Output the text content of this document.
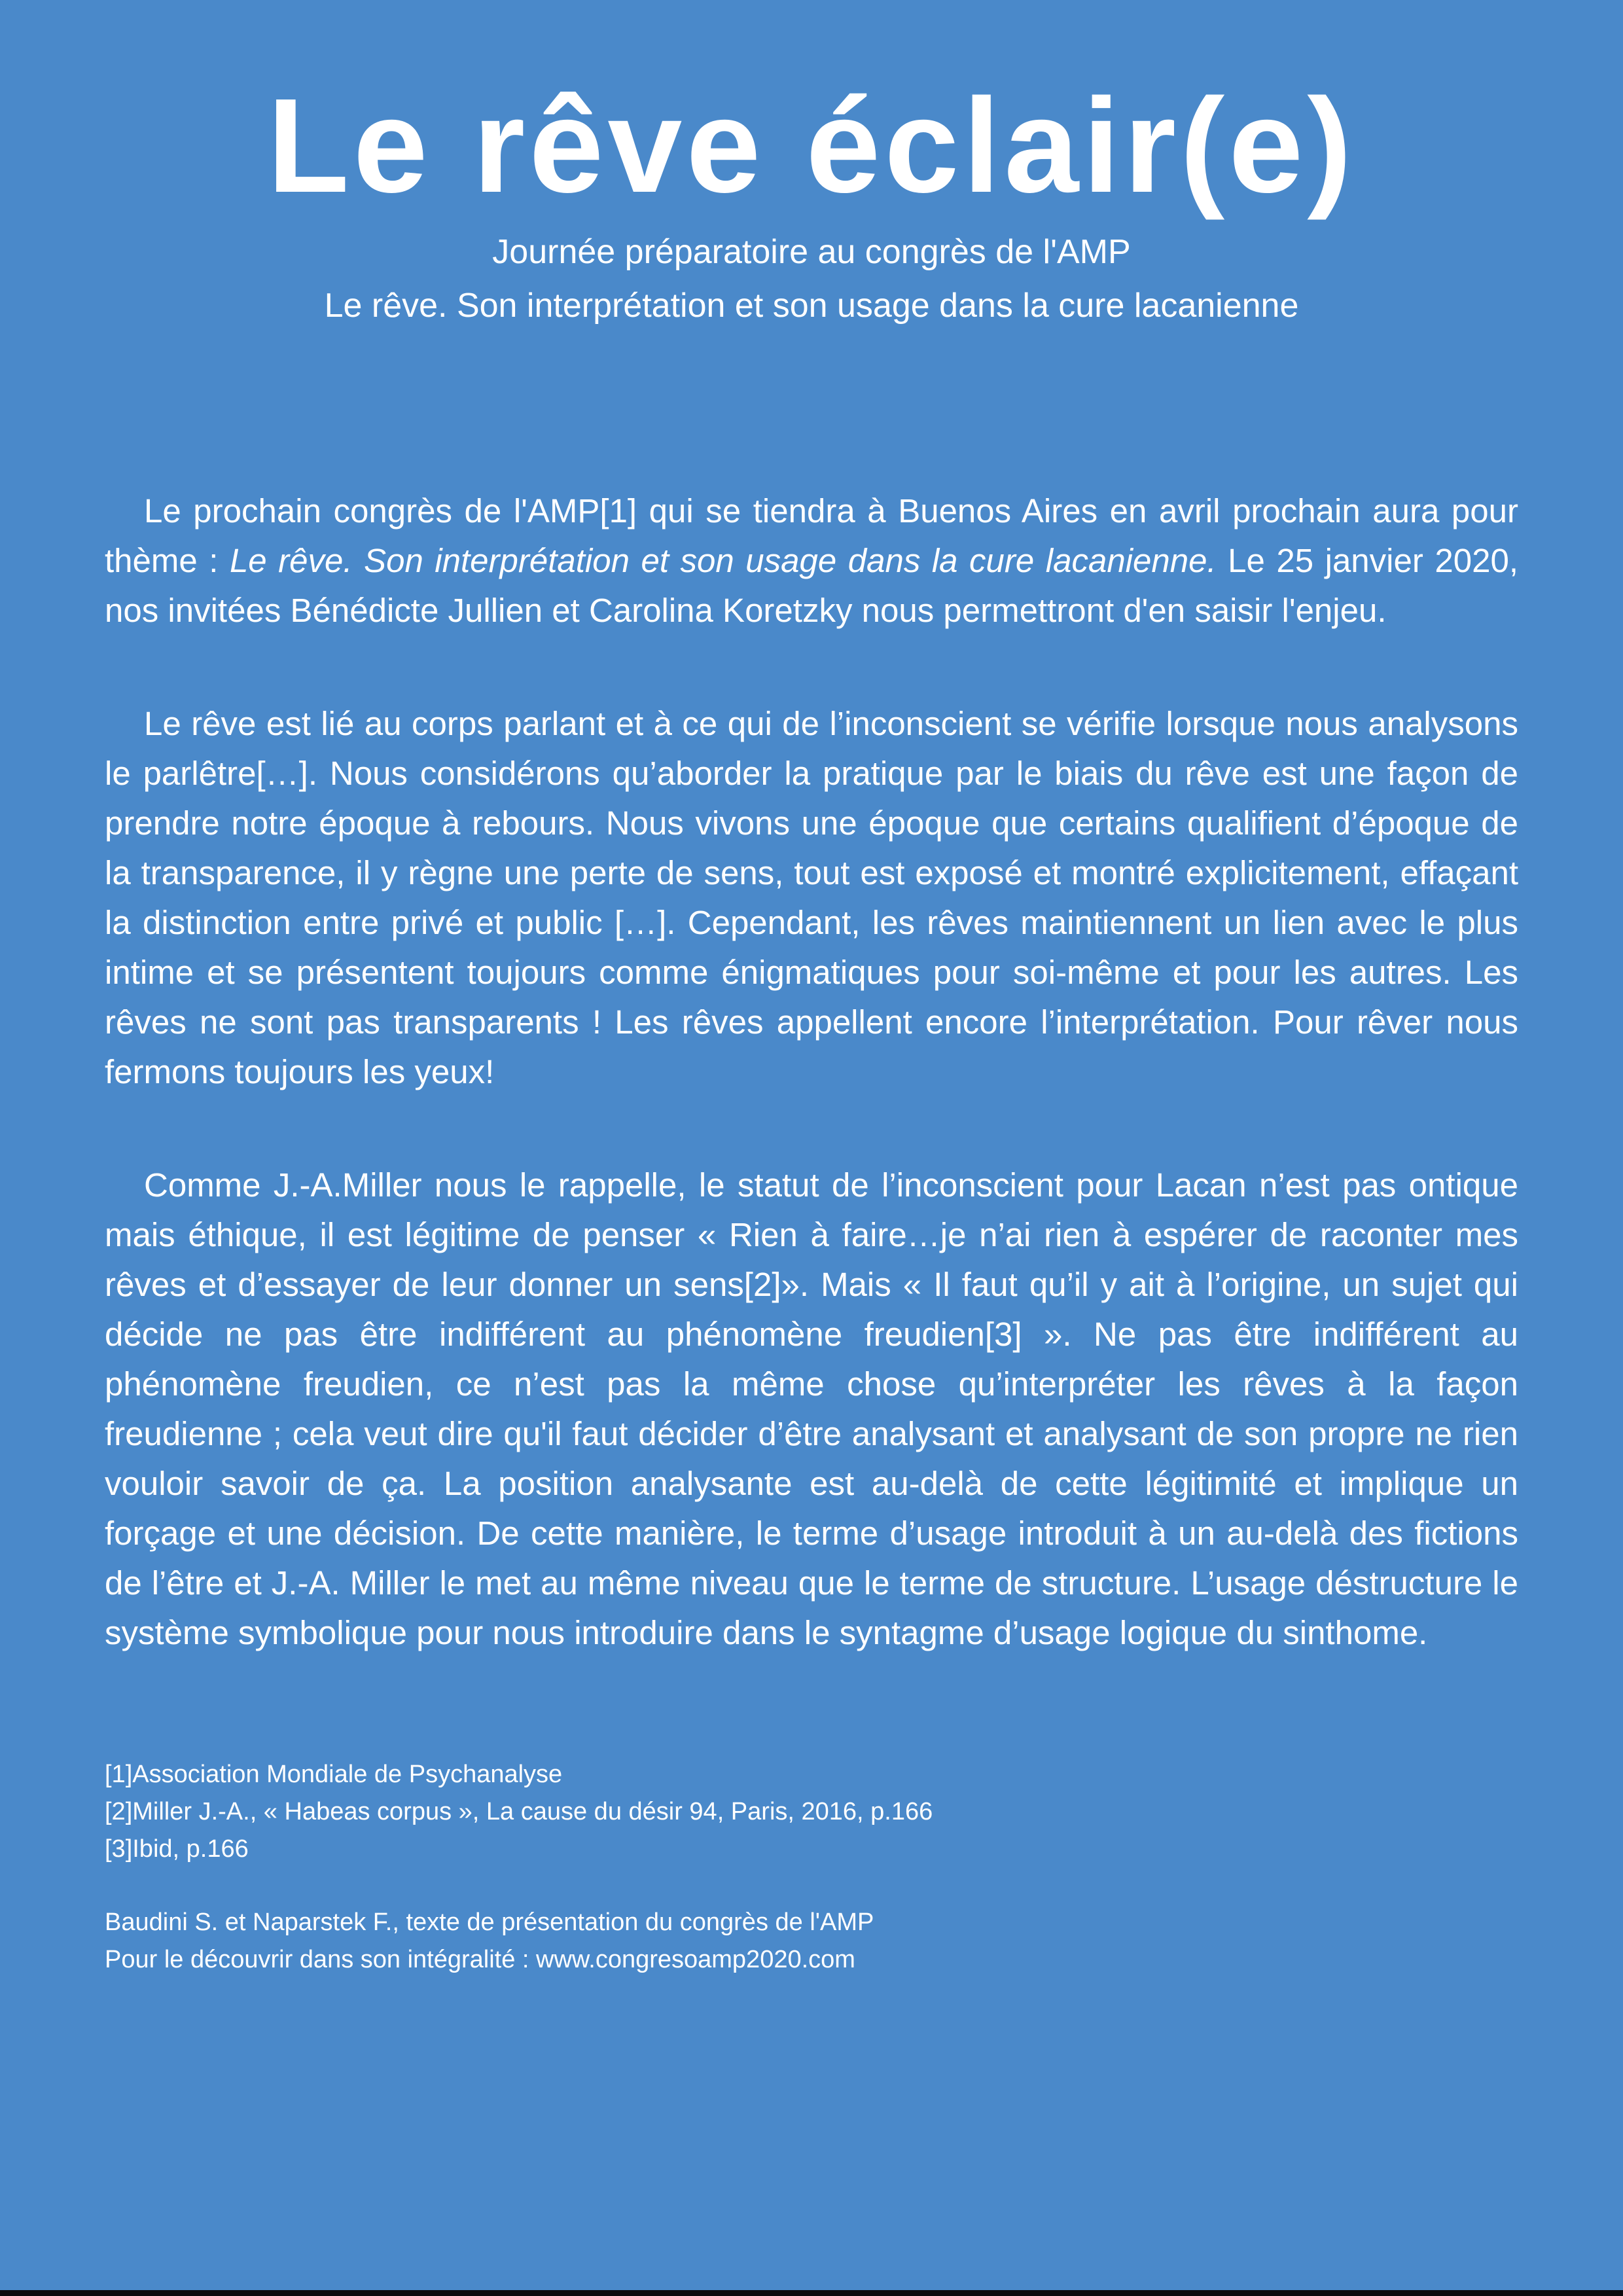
Le rêve éclair(e)

Journée préparatoire au congrès de l'AMP

Le rêve. Son interprétation et son usage dans la cure lacanienne

Le prochain congrès de l'AMP[1] qui se tiendra à Buenos Aires en avril prochain aura pour thème : Le rêve. Son interprétation et son usage dans la cure lacanienne. Le 25 janvier 2020, nos invitées Bénédicte Jullien et Carolina Koretzky nous permettront d'en saisir l'enjeu.

Le rêve est lié au corps parlant et à ce qui de l’inconscient se vérifie lorsque nous analysons le parlêtre[…]. Nous considérons qu’aborder la pratique par le biais du rêve est une façon de prendre notre époque à rebours. Nous vivons une époque que certains qualifient d’époque de la transparence, il y règne une perte de sens, tout est exposé et montré explicitement, effaçant la distinction entre privé et public […]. Cependant, les rêves maintiennent un lien avec le plus intime et se présentent toujours comme énigmatiques pour soi-même et pour les autres. Les rêves ne sont pas transparents ! Les rêves appellent encore l’interprétation. Pour rêver nous fermons toujours les yeux!

Comme J.-A.Miller nous le rappelle, le statut de l’inconscient pour Lacan n’est pas ontique mais éthique, il est légitime de penser « Rien à faire…je n’ai rien à espérer de raconter mes rêves et d’essayer de leur donner un sens[2]». Mais « Il faut qu’il y ait à l’origine, un sujet qui décide ne pas être indifférent au phénomène freudien[3] ». Ne pas être indifférent au phénomène freudien, ce n’est pas la même chose qu’interpréter les rêves à la façon freudienne ; cela veut dire qu'il faut décider d’être analysant et analysant de son propre ne rien vouloir savoir de ça. La position analysante est au-delà de cette légitimité et implique un forçage et une décision. De cette manière, le terme d’usage introduit à un au-delà des fictions de l’être et J.-A. Miller le met au même niveau que le terme de structure. L’usage déstructure le système symbolique pour nous introduire dans le syntagme d’usage logique du sinthome.

[1]Association Mondiale de Psychanalyse

[2]Miller J.-A., « Habeas corpus », La cause du désir 94, Paris, 2016, p.166

[3]Ibid, p.166

Baudini S. et Naparstek F., texte de présentation du congrès de l'AMP

Pour le découvrir dans son intégralité : www.congresoamp2020.com
